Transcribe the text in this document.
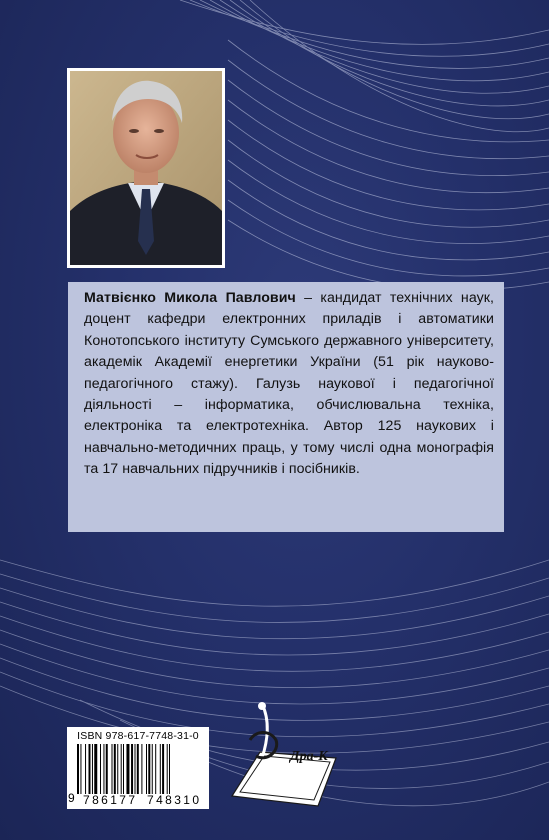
Матвієнко Микола Павлович – кандидат технічних наук, доцент кафедри електронних приладів і автоматики Конотопського інституту Сумського державного університету, академік Академії енергетики України (51 рік науково-педагогічного стажу). Галузь наукової і педагогічної діяльності – інформатика, обчислювальна техніка, електроніка та електротехніка. Автор 125 наукових і навчально-методичних праць, у тому числі одна монографія та 17 навчальних підручників і посібників.

ISBN 978-617-7748-31-0
9 786177 748310
Дра-К
